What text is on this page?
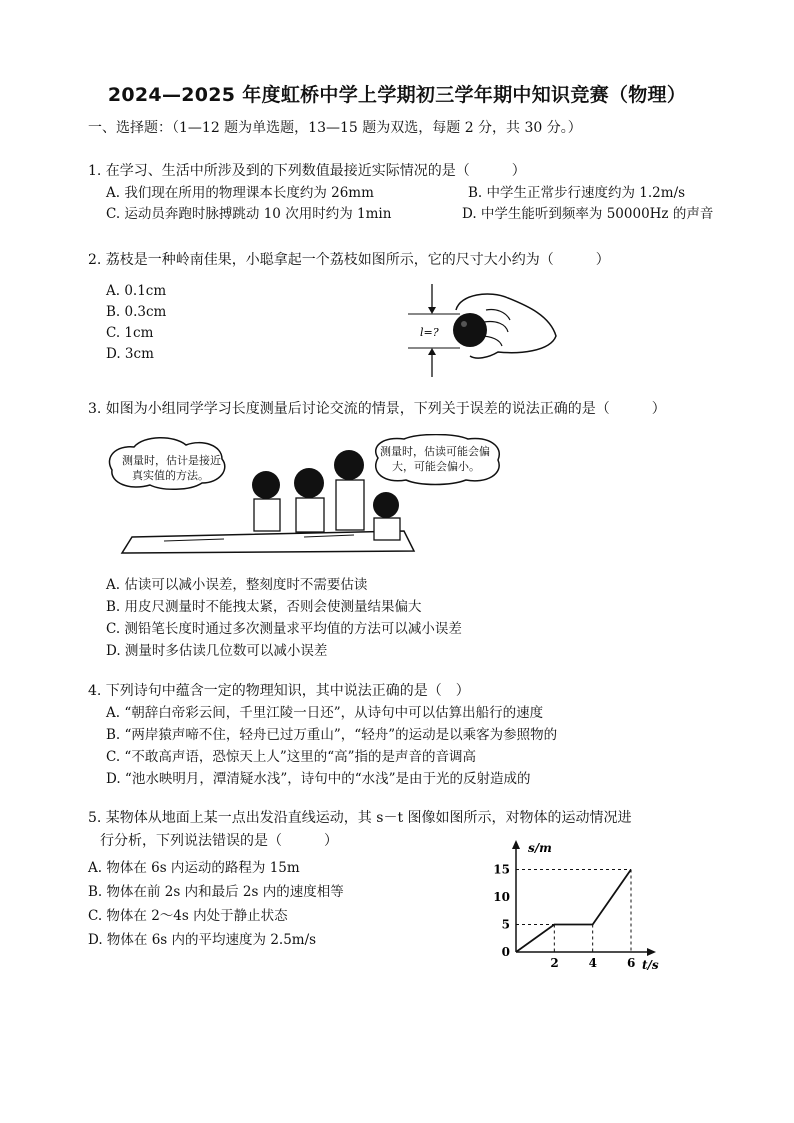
2024—2025 年度虹桥中学上学期初三学年期中知识竞赛（物理）
一、选择题：（1—12 题为单选题，13—15 题为双选，每题 2 分，共 30 分。）
1. 在学习、生活中所涉及到的下列数值最接近实际情况的是（　　　）
A. 我们现在所用的物理课本长度约为 26mm	B. 中学生正常步行速度约为 1.2m/s
C. 运动员奔跑时脉搏跳动 10 次用时约为 1min	D. 中学生能听到频率为 50000Hz 的声音
2. 荔枝是一种岭南佳果，小聪拿起一个荔枝如图所示，它的尺寸大小约为（　　　）
A. 0.1cm
B. 0.3cm
C. 1cm
D. 3cm
l=?
3. 如图为小组同学学习长度测量后讨论交流的情景，下列关于误差的说法正确的是（　　　）
测量时，估计是接近
真实值的方法。
测量时，估读可能会偏
大，可能会偏小。
A. 估读可以减小误差，整刻度时不需要估读
B. 用皮尺测量时不能拽太紧，否则会使测量结果偏大
C. 测铅笔长度时通过多次测量求平均值的方法可以减小误差
D. 测量时多估读几位数可以减小误差
4. 下列诗句中蕴含一定的物理知识，其中说法正确的是（　）
A. “朝辞白帝彩云间，千里江陵一日还”，从诗句中可以估算出船行的速度
B. “两岸猿声啼不住，轻舟已过万重山”，“轻舟”的运动是以乘客为参照物的
C. “不敢高声语，恐惊天上人”这里的“高”指的是声音的音调高
D. “池水映明月，潭清疑水浅”，诗句中的“水浅”是由于光的反射造成的
5. 某物体从地面上某一点出发沿直线运动，其 s－t 图像如图所示，对物体的运动情况进
行分析，下列说法错误的是（　　　）
A. 物体在 6s 内运动的路程为 15m
B. 物体在前 2s 内和最后 2s 内的速度相等
C. 物体在 2～4s 内处于静止状态
D. 物体在 6s 内的平均速度为 2.5m/s
s/m
t/s
2 4 6
0
5
10
15
